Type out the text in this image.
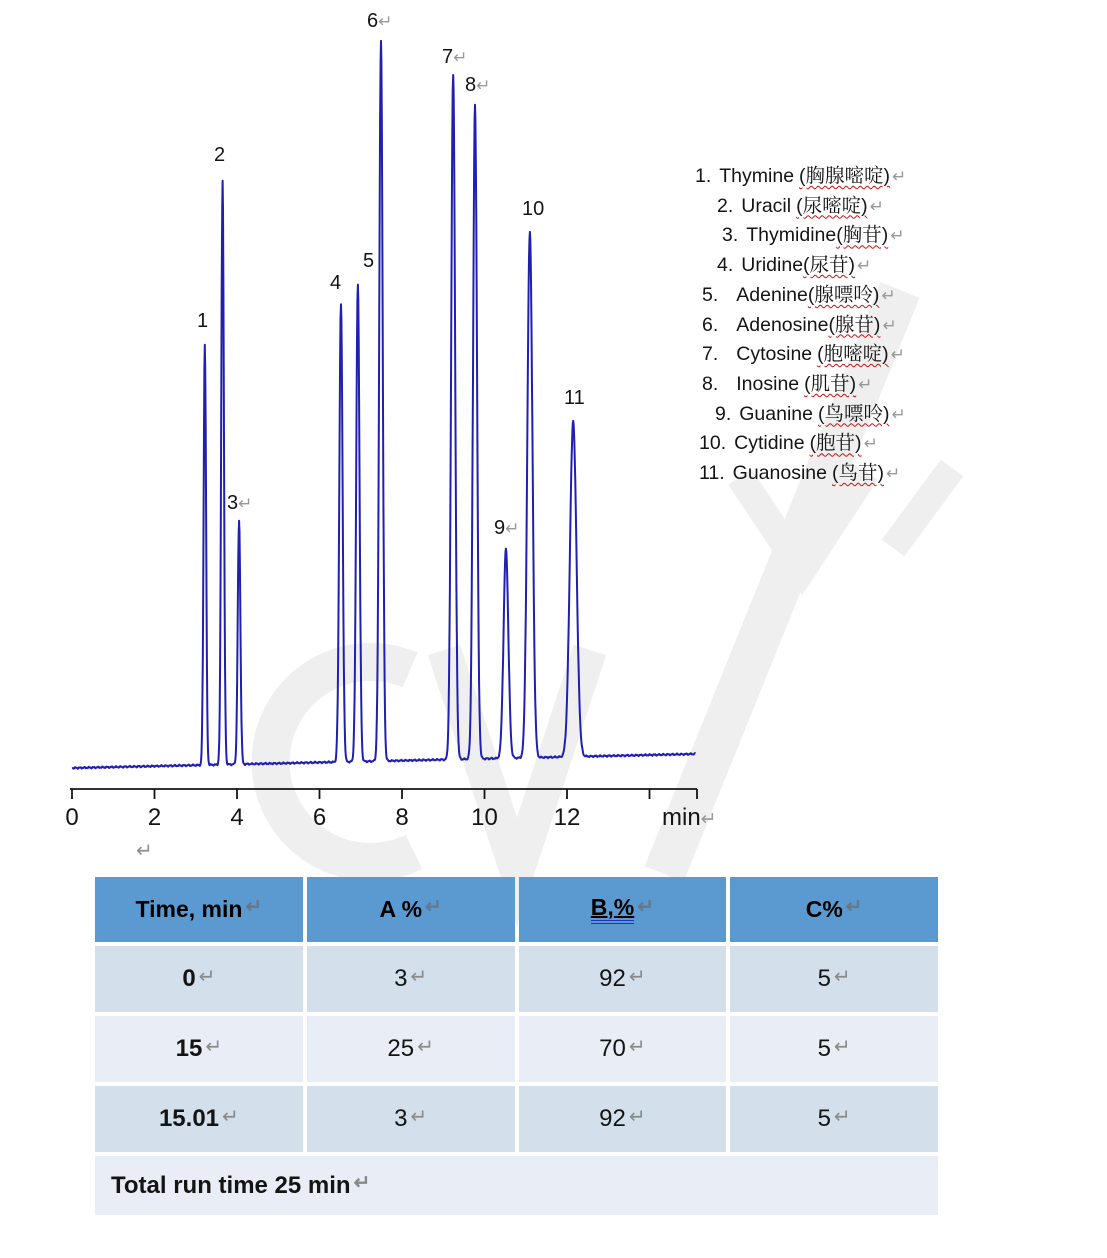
0	2	4	6	8	10	12	min↵
1
2
3↵
4
5
6↵
7↵
8↵
9↵
10
11
↵
1. Thymine (胸腺嘧啶) ↵
2. Uracil (尿嘧啶) ↵
3. Thymidine(胸苷) ↵
4. Uridine(尿苷) ↵
5. Adenine(腺嘌呤) ↵
6. Adenosine(腺苷) ↵
7. Cytosine (胞嘧啶) ↵
8. Inosine (肌苷) ↵
9. Guanine (鸟嘌呤) ↵
10. Cytidine (胞苷) ↵
11. Guanosine (鸟苷) ↵
Time, min ↵	A % ↵	B,% ↵	C% ↵
0 ↵	3 ↵	92 ↵	5 ↵
15 ↵	25 ↵	70 ↵	5 ↵
15.01 ↵	3 ↵	92 ↵	5 ↵
Total run time 25 min ↵
